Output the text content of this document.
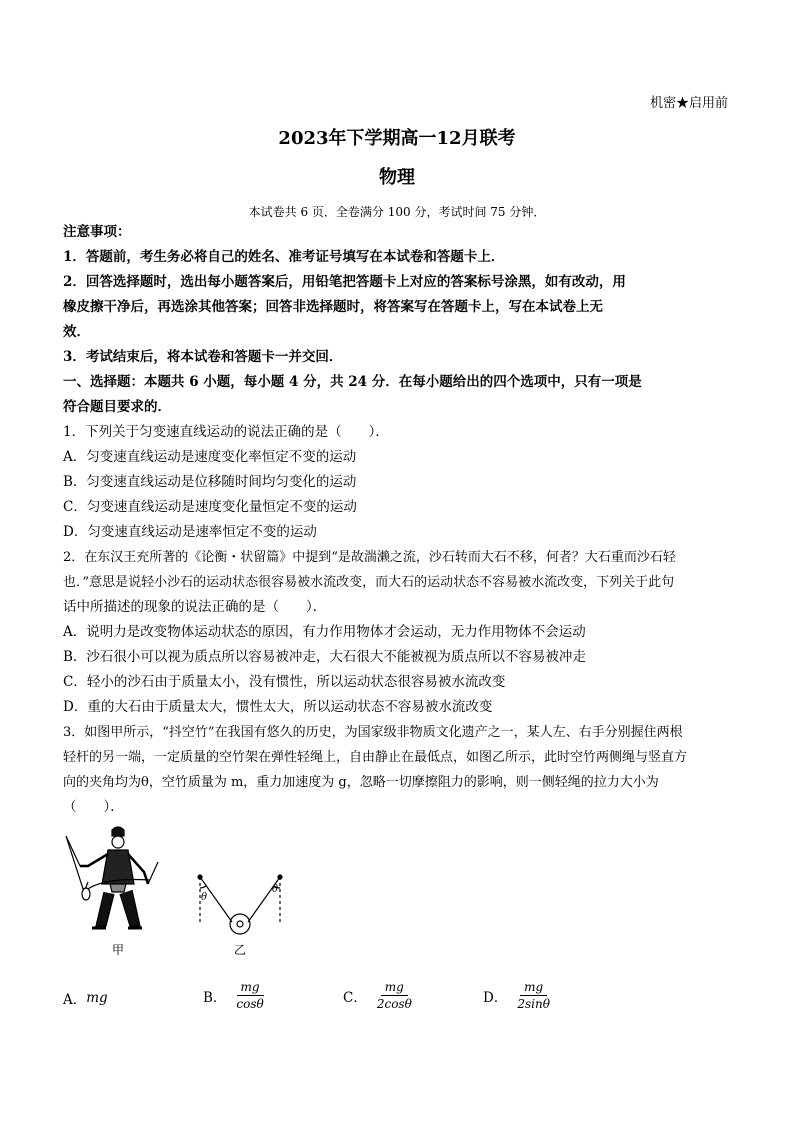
机密★启用前
2023年下学期高一12月联考
物理
本试卷共 6 页．全卷满分 100 分，考试时间 75 分钟．
注意事项：
1．答题前，考生务必将自己的姓名、准考证号填写在本试卷和答题卡上．
2．回答选择题时，选出每小题答案后，用铅笔把答题卡上对应的答案标号涂黑，如有改动，用
橡皮擦干净后，再选涂其他答案；回答非选择题时，将答案写在答题卡上，写在本试卷上无
效．
3．考试结束后，将本试卷和答题卡一并交回．
一、选择题：本题共 6 小题，每小题 4 分，共 24 分．在每小题给出的四个选项中，只有一项是
符合题目要求的．
1．下列关于匀变速直线运动的说法正确的是（　　）．
A．匀变速直线运动是速度变化率恒定不变的运动
B．匀变速直线运动是位移随时间均匀变化的运动
C．匀变速直线运动是速度变化量恒定不变的运动
D．匀变速直线运动是速率恒定不变的运动
2．在东汉王充所著的《论衡・状留篇》中提到“是故湍濑之流，沙石转而大石不移，何者？大石重而沙石轻
也．”意思是说轻小沙石的运动状态很容易被水流改变，而大石的运动状态不容易被水流改变，下列关于此句
话中所描述的现象的说法正确的是（　　）．
A．说明力是改变物体运动状态的原因，有力作用物体才会运动，无力作用物体不会运动
B．沙石很小可以视为质点所以容易被冲走，大石很大不能被视为质点所以不容易被冲走
C．轻小的沙石由于质量太小，没有惯性，所以运动状态很容易被水流改变
D．重的大石由于质量太大，惯性太大，所以运动状态不容易被水流改变
3．如图甲所示，“抖空竹”在我国有悠久的历史，为国家级非物质文化遗产之一，某人左、右手分别握住两根
轻杆的另一端，一定质量的空竹架在弹性轻绳上，自由静止在最低点，如图乙所示，此时空竹两侧绳与竖直方
向的夹角均为θ，空竹质量为 m，重力加速度为 g，忽略一切摩擦阻力的影响，则一侧轻绳的拉力大小为
（　　）．
甲
θ
θ
乙
A． mg	B． $\frac{mg}{\cos\theta}$	C． $\frac{mg}{2\cos\theta}$	D． $\frac{mg}{2\sin\theta}$
